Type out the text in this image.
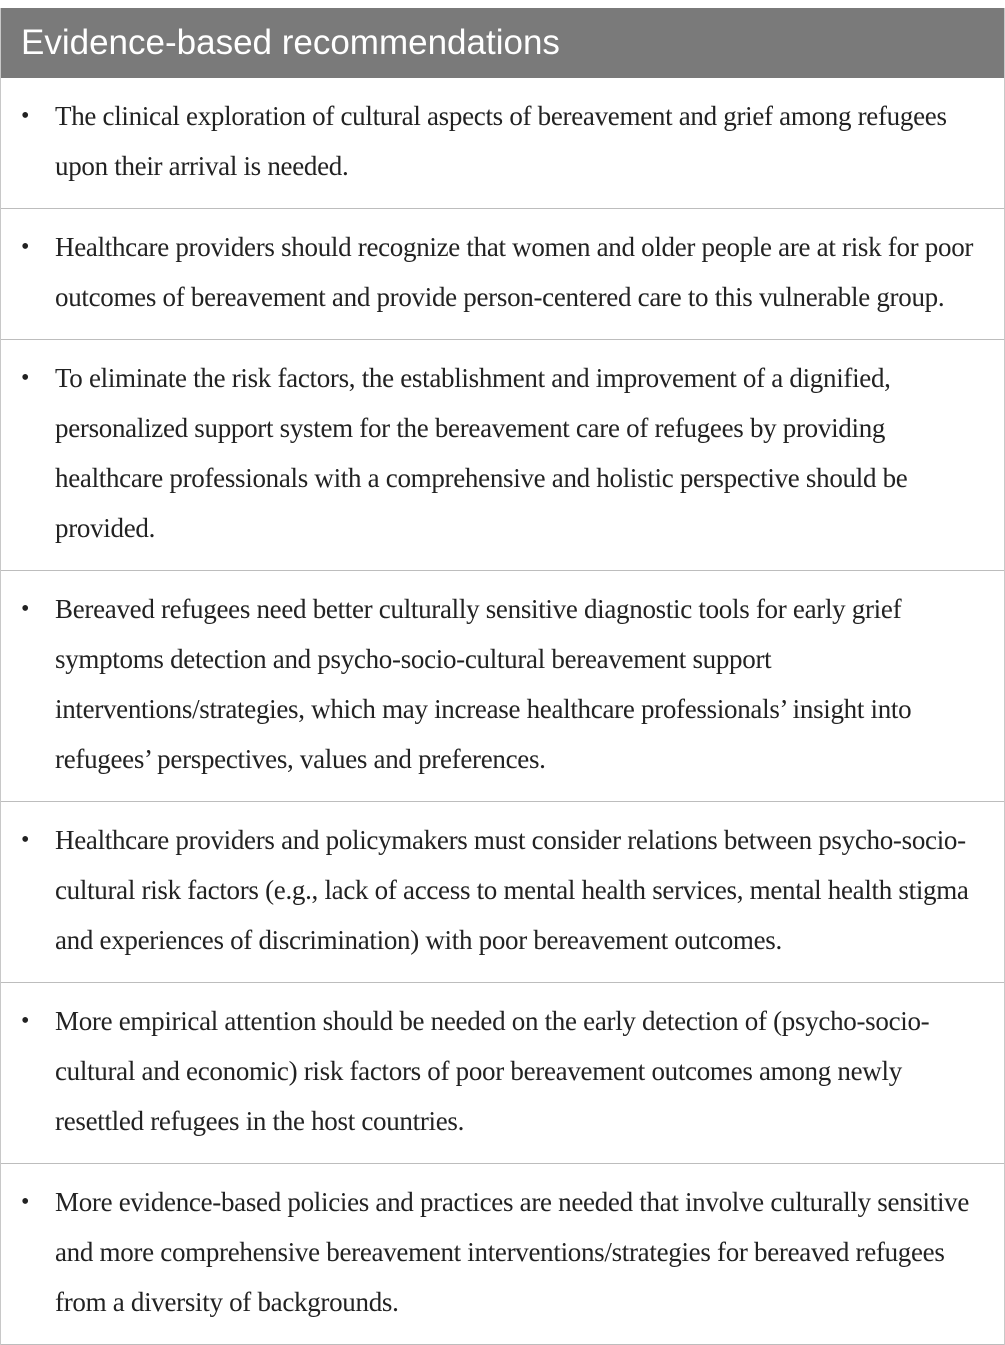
Evidence-based recommendations
• The clinical exploration of cultural aspects of bereavement and grief among refugees upon their arrival is needed.
• Healthcare providers should recognize that women and older people are at risk for poor outcomes of bereavement and provide person-centered care to this vulnerable group.
• To eliminate the risk factors, the establishment and improvement of a dignified, personalized support system for the bereavement care of refugees by providing healthcare professionals with a comprehensive and holistic perspective should be provided.
• Bereaved refugees need better culturally sensitive diagnostic tools for early grief symptoms detection and psycho-socio-cultural bereavement support interventions/strategies, which may increase healthcare professionals’ insight into refugees’ perspectives, values and preferences.
• Healthcare providers and policymakers must consider relations between psycho-socio-cultural risk factors (e.g., lack of access to mental health services, mental health stigma and experiences of discrimination) with poor bereavement outcomes.
• More empirical attention should be needed on the early detection of (psycho-socio-cultural and economic) risk factors of poor bereavement outcomes among newly resettled refugees in the host countries.
• More evidence-based policies and practices are needed that involve culturally sensitive and more comprehensive bereavement interventions/strategies for bereaved refugees from a diversity of backgrounds.
